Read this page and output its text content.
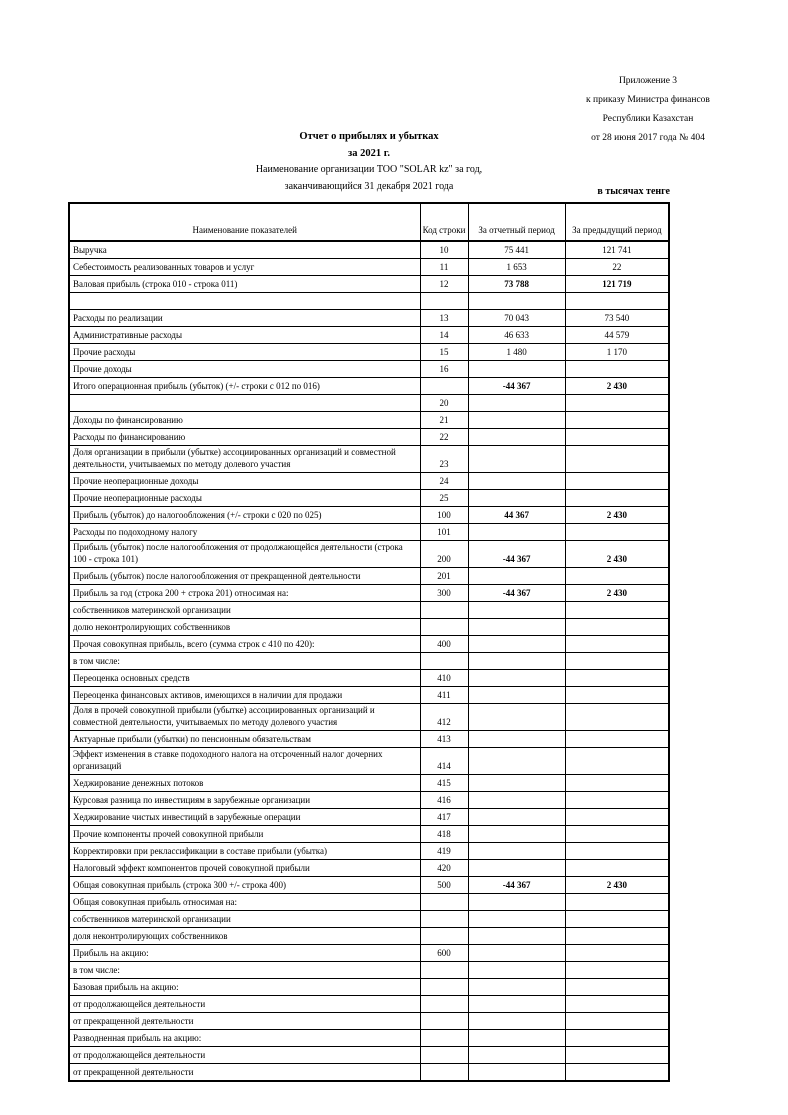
Приложение 3
к приказу Министра финансов
Республики Казахстан
от 28 июня 2017 года № 404
Отчет о прибылях и убытках
за 2021 г.
Наименование организации ТОО "SOLAR kz" за год,
заканчивающийся 31 декабря 2021 года	в тысячах тенге
Наименование показателей	Код строки	За отчетный период	За предыдущий период
Выручка	10	75 441	121 741
Себестоимость реализованных товаров и услуг	11	1 653	22
Валовая прибыль (строка 010 - строка 011)	12	73 788	121 719

Расходы по реализации	13	70 043	73 540
Административные расходы	14	46 633	44 579
Прочие расходы	15	1 480	1 170
Прочие доходы	16		
Итого операционная прибыль (убыток) (+/- строки с 012 по 016)		-44 367	2 430
	20		
Доходы по финансированию	21		
Расходы по финансированию	22		
Доля организации в прибыли (убытке) ассоциированных организаций и совместной деятельности, учитываемых по методу долевого участия	23		
Прочие неоперационные доходы	24		
Прочие неоперационные расходы	25		
Прибыль (убыток) до налогообложения (+/- строки с 020 по 025)	100	44 367	2 430
Расходы по подоходному налогу	101		
Прибыль (убыток) после налогообложения от продолжающейся деятельности (строка 100 - строка 101)	200	-44 367	2 430
Прибыль (убыток) после налогообложения от прекращенной деятельности	201		
Прибыль за год (строка 200 + строка 201) относимая на:	300	-44 367	2 430
собственников материнской организации			
долю неконтролирующих собственников			
Прочая совокупная прибыль, всего (сумма строк с 410 по 420):	400		
в том числе:			
Переоценка основных средств	410		
Переоценка финансовых активов, имеющихся в наличии для продажи	411		
Доля в прочей совокупной прибыли (убытке) ассоциированных организаций и совместной деятельности, учитываемых по методу долевого участия	412		
Актуарные прибыли (убытки) по пенсионным обязательствам	413		
Эффект изменения в ставке подоходного налога на отсроченный налог дочерних организаций	414		
Хеджирование денежных потоков	415		
Курсовая разница по инвестициям в зарубежные организации	416		
Хеджирование чистых инвестиций в зарубежные операции	417		
Прочие компоненты прочей совокупной прибыли	418		
Корректировки при реклассификации в составе прибыли (убытка)	419		
Налоговый эффект компонентов прочей совокупной прибыли	420		
Общая совокупная прибыль (строка 300 +/- строка 400)	500	-44 367	2 430
Общая совокупная прибыль относимая на:			
собственников материнской организации			
доля неконтролирующих собственников			
Прибыль на акцию:	600		
в том числе:			
Базовая прибыль на акцию:			
от продолжающейся деятельности			
от прекращенной деятельности			
Разводненная прибыль на акцию:			
от продолжающейся деятельности			
от прекращенной деятельности			
